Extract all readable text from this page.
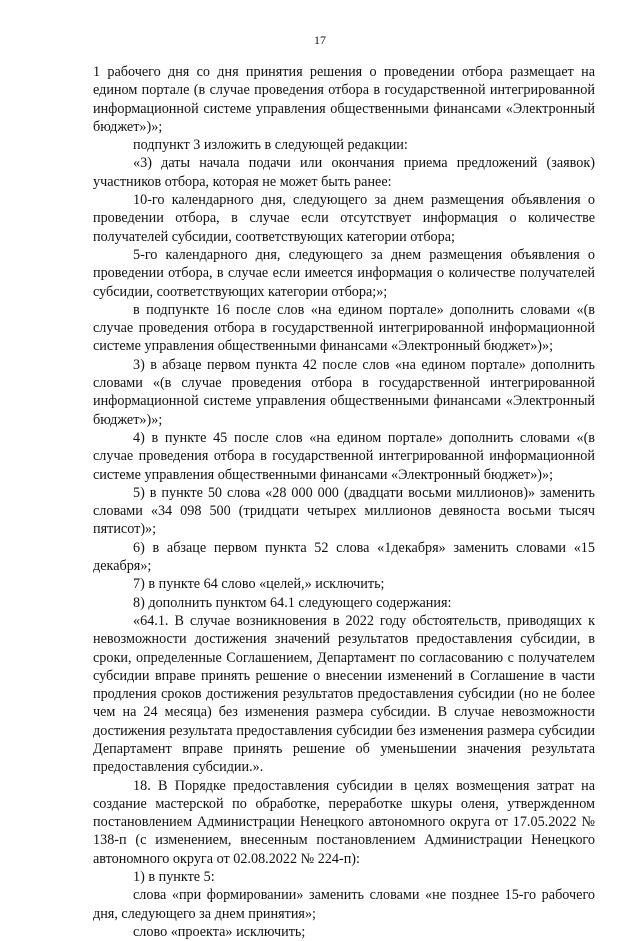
17

1 рабочего дня со дня принятия решения о проведении отбора размещает на едином портале (в случае проведения отбора в государственной интегрированной информационной системе управления общественными финансами «Электронный бюджет»)»;

подпункт 3 изложить в следующей редакции:

«3) даты начала подачи или окончания приема предложений (заявок) участников отбора, которая не может быть ранее:

10-го календарного дня, следующего за днем размещения объявления о проведении отбора, в случае если отсутствует информация о количестве получателей субсидии, соответствующих категории отбора;

5-го календарного дня, следующего за днем размещения объявления о проведении отбора, в случае если имеется информация о количестве получателей субсидии, соответствующих категории отбора;»;

в подпункте 16 после слов «на едином портале» дополнить словами «(в случае проведения отбора в государственной интегрированной информационной системе управления общественными финансами «Электронный бюджет»)»;

3) в абзаце первом пункта 42 после слов «на едином портале» дополнить словами «(в случае проведения отбора в государственной интегрированной информационной системе управления общественными финансами «Электронный бюджет»)»;

4) в пункте 45 после слов «на едином портале» дополнить словами «(в случае проведения отбора в государственной интегрированной информационной системе управления общественными финансами «Электронный бюджет»)»;

5) в пункте 50 слова «28 000 000 (двадцати восьми миллионов)» заменить словами «34 098 500 (тридцати четырех миллионов девяноста восьми тысяч пятисот)»;

6) в абзаце первом пункта 52 слова «1декабря» заменить словами «15 декабря»;

7) в пункте 64 слово «целей,» исключить;

8) дополнить пунктом 64.1 следующего содержания:

«64.1. В случае возникновения в 2022 году обстоятельств, приводящих к невозможности достижения значений результатов предоставления субсидии, в сроки, определенные Соглашением, Департамент по согласованию с получателем субсидии вправе принять решение о внесении изменений в Соглашение в части продления сроков достижения результатов предоставления субсидии (но не более чем на 24 месяца) без изменения размера субсидии. В случае невозможности достижения результата предоставления субсидии без изменения размера субсидии Департамент вправе принять решение об уменьшении значения результата предоставления субсидии.».

18. В Порядке предоставления субсидии в целях возмещения затрат на создание мастерской по обработке, переработке шкуры оленя, утвержденном постановлением Администрации Ненецкого автономного округа от 17.05.2022 № 138-п (с изменением, внесенным постановлением Администрации Ненецкого автономного округа от 02.08.2022 № 224-п):

1) в пункте 5:

слова «при формировании» заменить словами «не позднее 15-го рабочего дня, следующего за днем принятия»;

слово «проекта» исключить;
